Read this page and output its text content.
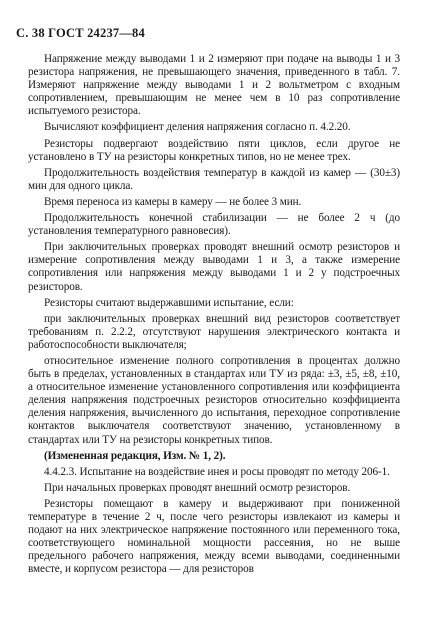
С. 38 ГОСТ 24237—84

Напряжение между выводами 1 и 2 измеряют при подаче на выводы 1 и 3 резистора напряжения, не превышающего значения, приведенного в табл. 7. Измеряют напряжение между выводами 1 и 2 вольтметром с входным сопротивлением, превышающим не менее чем в 10 раз сопротивление испытуемого резистора.

Вычисляют коэффициент деления напряжения согласно п. 4.2.20.

Резисторы подвергают воздействию пяти циклов, если другое не установлено в ТУ на резисторы конкретных типов, но не менее трех.

Продолжительность воздействия температур в каждой из камер — (30±3) мин для одного цикла.

Время переноса из камеры в камеру — не более 3 мин.

Продолжительность конечной стабилизации — не более 2 ч (до установления температурного равновесия).

При заключительных проверках проводят внешний осмотр резисторов и измерение сопротивления между выводами 1 и 3, а также измерение сопротивления или напряжения между выводами 1 и 2 у подстроечных резисторов.

Резисторы считают выдержавшими испытание, если:

при заключительных проверках внешний вид резисторов соответствует требованиям п. 2.2.2, отсутствуют нарушения электрического контакта и работоспособности выключателя;

относительное изменение полного сопротивления в процентах должно быть в пределах, установленных в стандартах или ТУ из ряда: ±3, ±5, ±8, ±10, а относительное изменение установленного сопротивления или коэффициента деления напряжения подстроечных резисторов относительно коэффициента деления напряжения, вычисленного до испытания, переходное сопротивление контактов выключателя соответствуют значению, установленному в стандартах или ТУ на резисторы конкретных типов.

(Измененная редакция, Изм. № 1, 2).

4.4.2.3. Испытание на воздействие инея и росы проводят по методу 206-1.

При начальных проверках проводят внешний осмотр резисторов.

Резисторы помещают в камеру и выдерживают при пониженной температуре в течение 2 ч, после чего резисторы извлекают из камеры и подают на них электрическое напряжение постоянного или переменного тока, соответствующего номинальной мощности рассеяния, но не выше предельного рабочего напряжения, между всеми выводами, соединенными вместе, и корпусом резистора — для резисторов
